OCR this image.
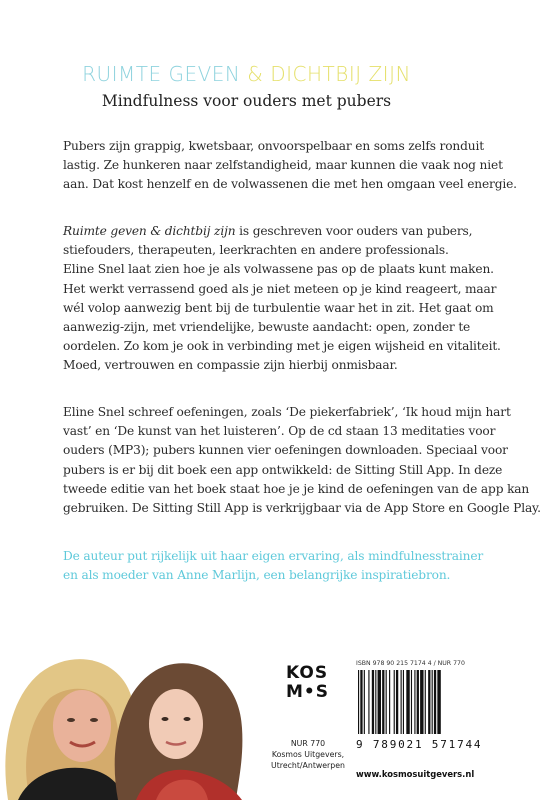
RUIMTE GEVEN & DICHTBIJ ZIJN
Mindfulness voor ouders met pubers

Pubers zijn grappig, kwetsbaar, onvoorspelbaar en soms zelfs ronduit
lastig. Ze hunkeren naar zelfstandigheid, maar kunnen die vaak nog niet
aan. Dat kost henzelf en de volwassenen die met hen omgaan veel energie.

Ruimte geven & dichtbij zijn is geschreven voor ouders van pubers,
stiefouders, therapeuten, leerkrachten en andere professionals.
Eline Snel laat zien hoe je als volwassene pas op de plaats kunt maken.
Het werkt verrassend goed als je niet meteen op je kind reageert, maar
wél volop aanwezig bent bij de turbulentie waar het in zit. Het gaat om
aanwezig-zijn, met vriendelijke, bewuste aandacht: open, zonder te
oordelen. Zo kom je ook in verbinding met je eigen wijsheid en vitaliteit.
Moed, vertrouwen en compassie zijn hierbij onmisbaar.

Eline Snel schreef oefeningen, zoals ‘De piekerfabriek’, ‘Ik houd mijn hart
vast’ en ‘De kunst van het luisteren’. Op de cd staan 13 meditaties voor
ouders (MP3); pubers kunnen vier oefeningen downloaden. Speciaal voor
pubers is er bij dit boek een app ontwikkeld: de Sitting Still App. In deze
tweede editie van het boek staat hoe je je kind de oefeningen van de app kan
gebruiken. De Sitting Still App is verkrijgbaar via de App Store en Google Play.

De auteur put rijkelijk uit haar eigen ervaring, als mindfulnesstrainer
en als moeder van Anne Marlijn, een belangrijke inspiratiebron.

KOS
M•S
NUR 770
Kosmos Uitgevers,
Utrecht/Antwerpen
ISBN 978 90 215 7174 4 / NUR 770
9 789021 571744
www.kosmosuitgevers.nl
